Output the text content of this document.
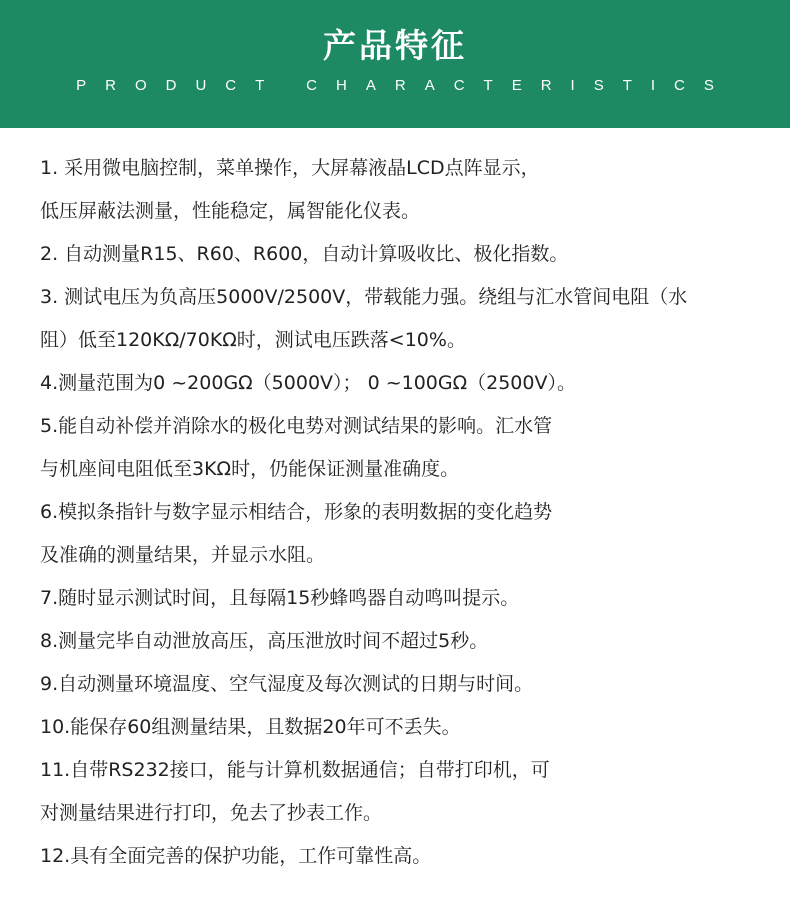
产品特征
PRODUCT CHARACTERISTICS
1. 采用微电脑控制，菜单操作，大屏幕液晶LCD点阵显示，
低压屏蔽法测量，性能稳定，属智能化仪表。
2. 自动测量R15、R60、R600，自动计算吸收比、极化指数。
3. 测试电压为负高压5000V/2500V，带载能力强。绕组与汇水管间电阻（水
阻）低至120KΩ/70KΩ时，测试电压跌落<10%。
4.测量范围为0 ~200GΩ（5000V）； 0 ~100GΩ（2500V）。
5.能自动补偿并消除水的极化电势对测试结果的影响。汇水管
与机座间电阻低至3KΩ时，仍能保证测量准确度。
6.模拟条指针与数字显示相结合，形象的表明数据的变化趋势
及准确的测量结果，并显示水阻。
7.随时显示测试时间，且每隔15秒蜂鸣器自动鸣叫提示。
8.测量完毕自动泄放高压，高压泄放时间不超过5秒。
9.自动测量环境温度、空气湿度及每次测试的日期与时间。
10.能保存60组测量结果，且数据20年可不丢失。
11.自带RS232接口，能与计算机数据通信；自带打印机，可
对测量结果进行打印，免去了抄表工作。
12.具有全面完善的保护功能，工作可靠性高。
